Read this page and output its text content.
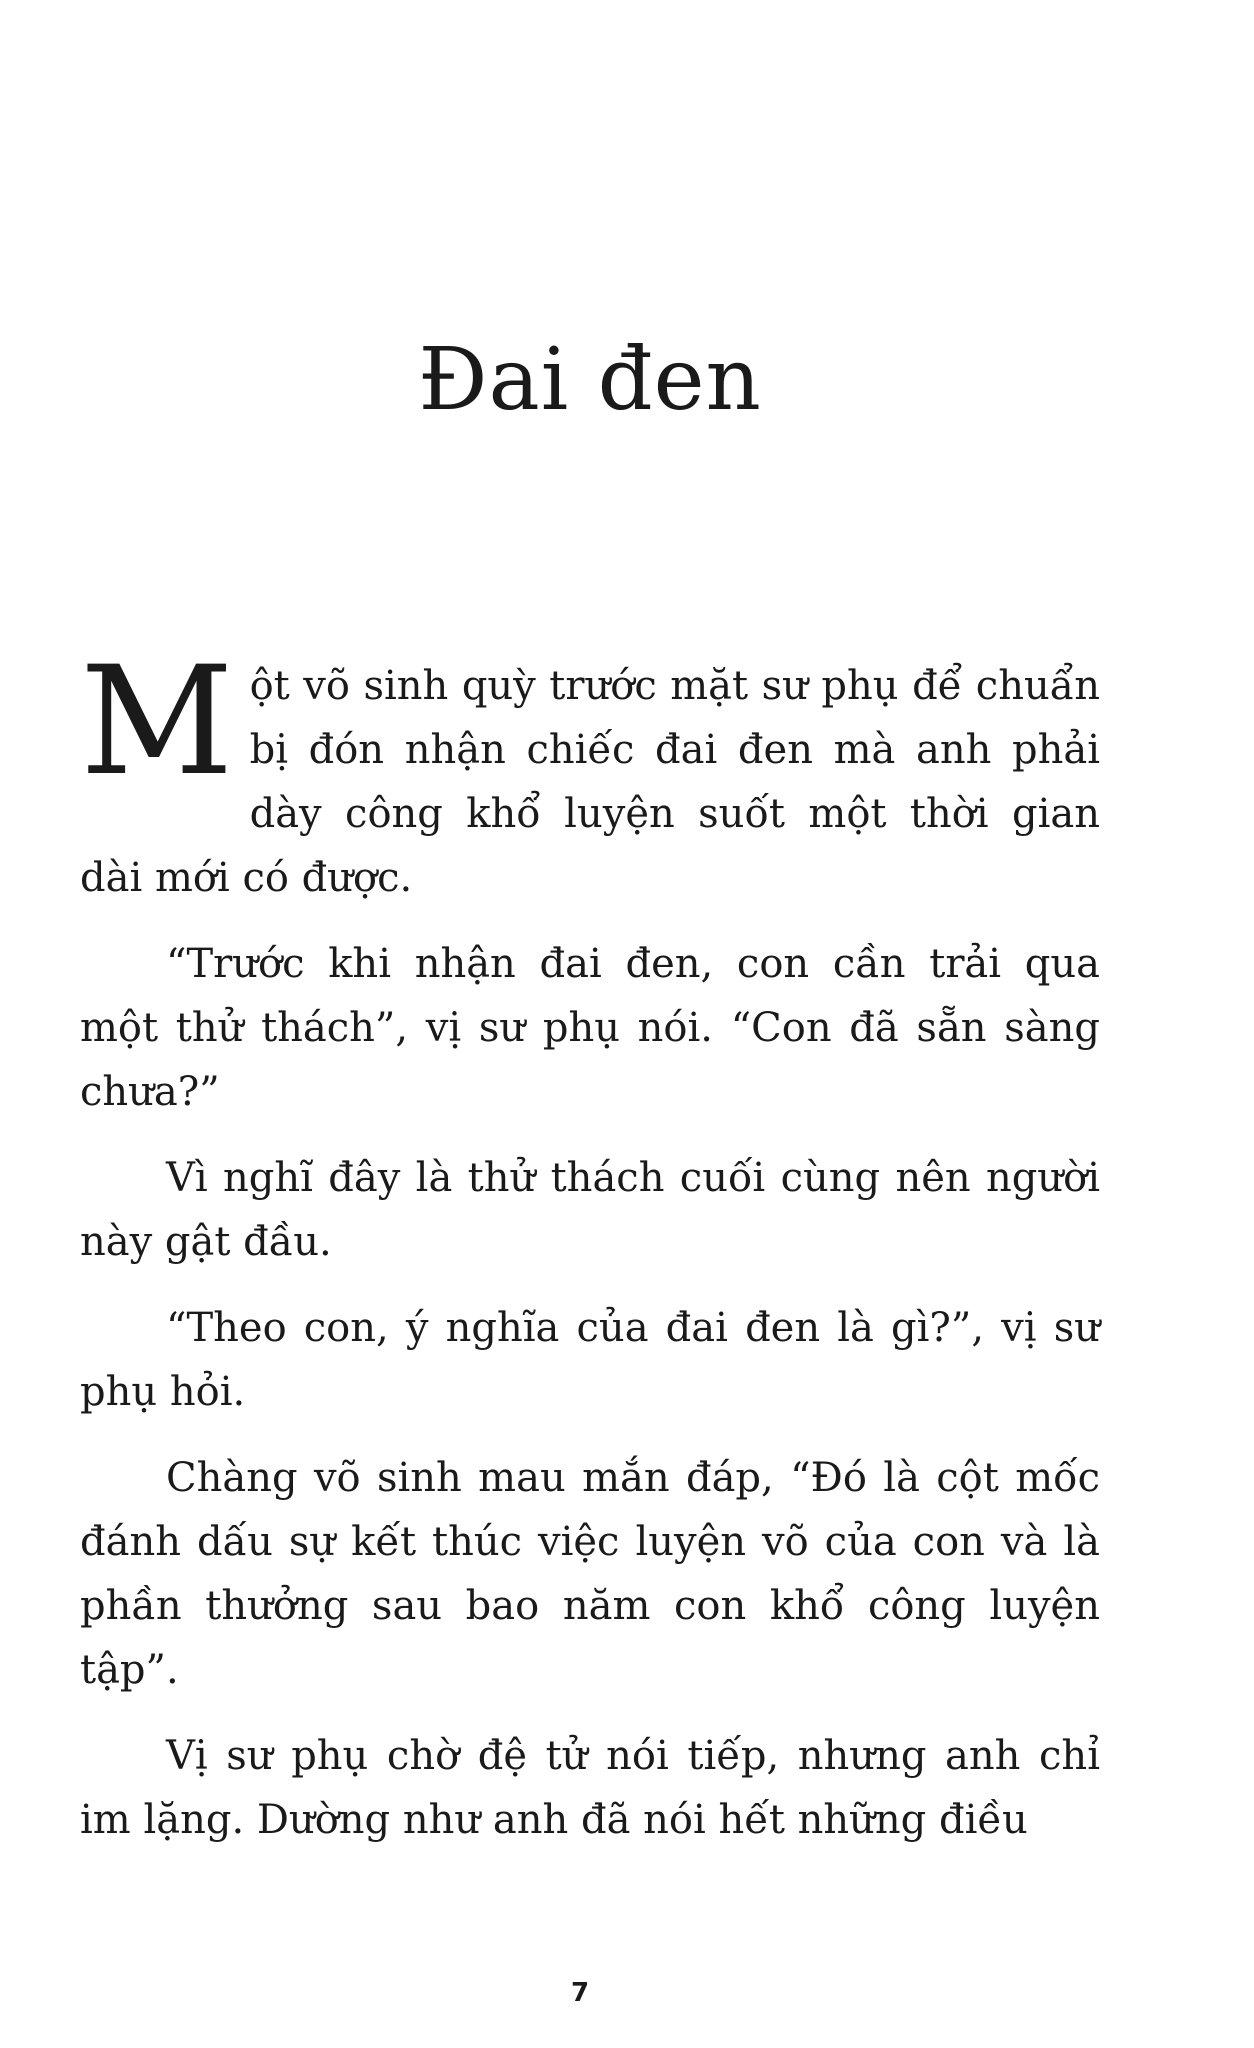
Đai đen

Một võ sinh quỳ trước mặt sư phụ để chuẩn bị đón nhận chiếc đai đen mà anh phải dày công khổ luyện suốt một thời gian dài mới có được.

“Trước khi nhận đai đen, con cần trải qua một thử thách”, vị sư phụ nói. “Con đã sẵn sàng chưa?”

Vì nghĩ đây là thử thách cuối cùng nên người này gật đầu.

“Theo con, ý nghĩa của đai đen là gì?”, vị sư phụ hỏi.

Chàng võ sinh mau mắn đáp, “Đó là cột mốc đánh dấu sự kết thúc việc luyện võ của con và là phần thưởng sau bao năm con khổ công luyện tập”.

Vị sư phụ chờ đệ tử nói tiếp, nhưng anh chỉ im lặng. Dường như anh đã nói hết những điều

7
